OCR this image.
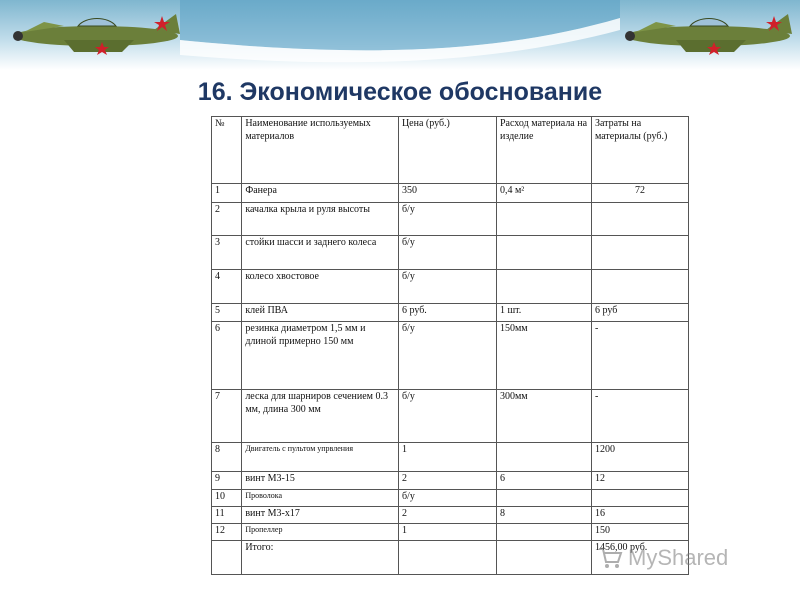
16. Экономическое обоснование
№	Наименование используемых материалов	Цена (руб.)	Расход материала на изделие	Затраты на материалы (руб.)
1	Фанера	350	0,4 м²	72
2	качалка крыла и руля высоты	б/у		
3	стойки шасси и заднего колеса	б/у		
4	колесо хвостовое	б/у		
5	клей ПВА	6 руб.	1 шт.	6 руб
6	резинка диаметром 1,5 мм и длиной примерно 150 мм	б/у	150мм	-
7	леска для шарниров сечением 0.3 мм, длина 300 мм	б/у	300мм	-
8	Двигатель с пультом упрвления	1		1200
9	винт М3-15	2	6	12
10	Проволока	б/у		
11	винт М3-х17	2	8	16
12	Пропеллер	1		150
	Итого:			1456,00 руб.
MyShared
